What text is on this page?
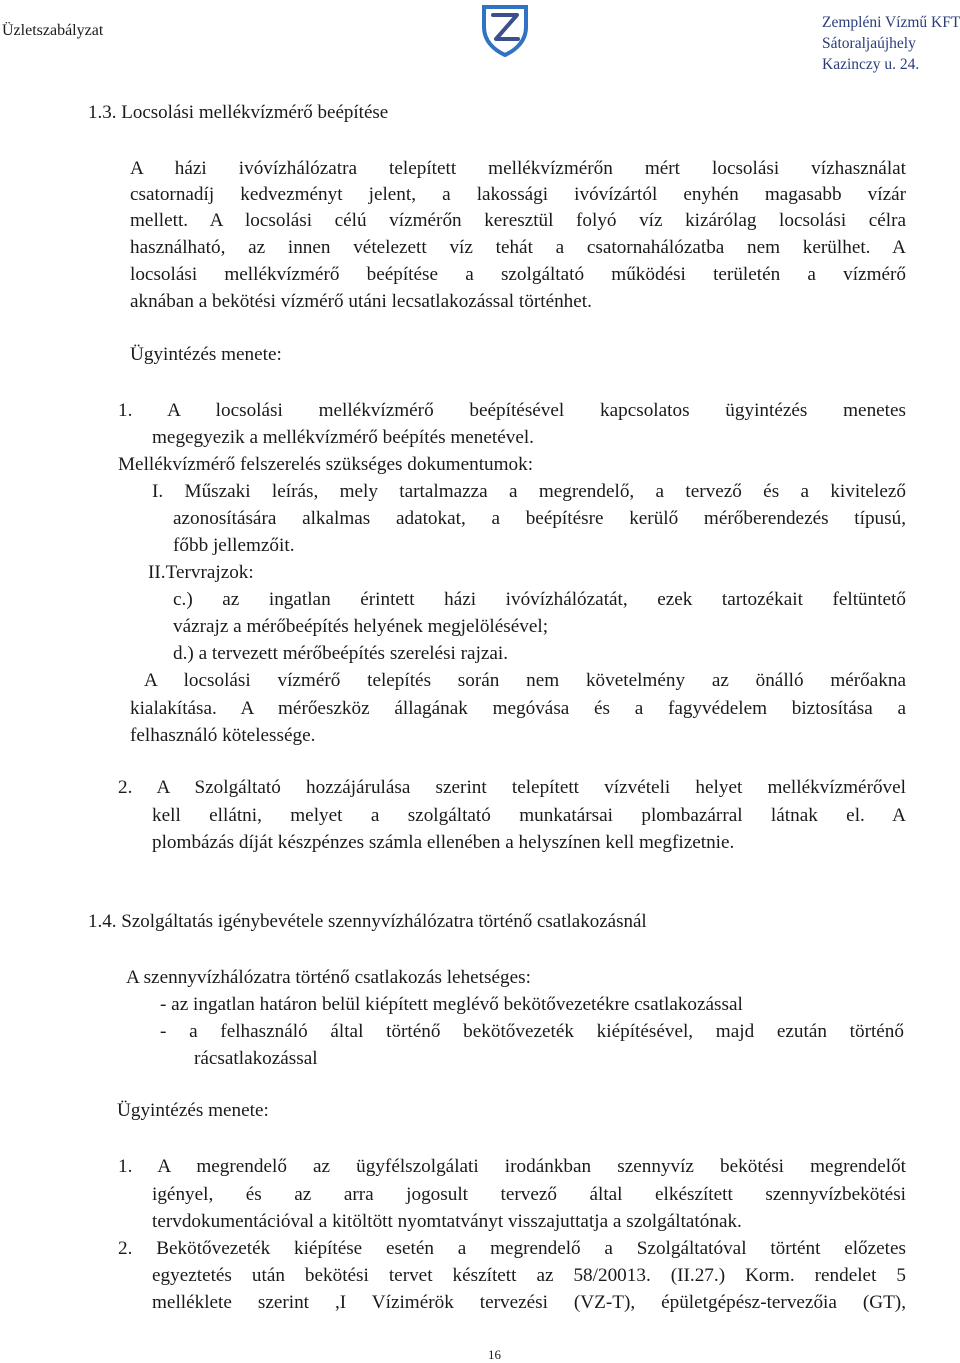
Üzletszabályzat	Zempléni Vízmű KFT
Sátoraljaújhely
Kazinczy u. 24.
1.3. Locsolási mellékvízmérő beépítése
A házi ivóvízhálózatra telepített mellékvízmérőn mért locsolási vízhasználat
csatornadíj kedvezményt jelent, a lakossági ivóvízártól enyhén magasabb vízár
mellett. A locsolási célú vízmérőn keresztül folyó víz kizárólag locsolási célra
használható, az innen vételezett víz tehát a csatornahálózatba nem kerülhet. A
locsolási mellékvízmérő beépítése a szolgáltató működési területén a vízmérő
aknában a bekötési vízmérő utáni lecsatlakozással történhet.
Ügyintézés menete:
1. A locsolási mellékvízmérő beépítésével kapcsolatos ügyintézés menetes
megegyezik a mellékvízmérő beépítés menetével.
Mellékvízmérő felszerelés szükséges dokumentumok:
I. Műszaki leírás, mely tartalmazza a megrendelő, a tervező és a kivitelező
azonosítására alkalmas adatokat, a beépítésre kerülő mérőberendezés típusú,
főbb jellemzőit.
II.Tervrajzok:
c.) az ingatlan érintett házi ivóvízhálózatát, ezek tartozékait feltüntető
vázrajz a mérőbeépítés helyének megjelölésével;
d.) a tervezett mérőbeépítés szerelési rajzai.
A locsolási vízmérő telepítés során nem követelmény az önálló mérőakna
kialakítása. A mérőeszköz állagának megóvása és a fagyvédelem biztosítása a
felhasználó kötelessége.
2. A Szolgáltató hozzájárulása szerint telepített vízvételi helyet mellékvízmérővel
kell ellátni, melyet a szolgáltató munkatársai plombazárral látnak el. A
plombázás díját készpénzes számla ellenében a helyszínen kell megfizetnie.
1.4. Szolgáltatás igénybevétele szennyvízhálózatra történő csatlakozásnál
A szennyvízhálózatra történő csatlakozás lehetséges:
- az ingatlan határon belül kiépített meglévő bekötővezetékre csatlakozással
- a felhasználó által történő bekötővezeték kiépítésével, majd ezután történő
rácsatlakozással
Ügyintézés menete:
1. A megrendelő az ügyfélszolgálati irodánkban szennyvíz bekötési megrendelőt
igényel, és az arra jogosult tervező által elkészített szennyvízbekötési
tervdokumentációval a kitöltött nyomtatványt visszajuttatja a szolgáltatónak.
2. Bekötővezeték kiépítése esetén a megrendelő a Szolgáltatóval történt előzetes
egyeztetés után bekötési tervet készített az 58/20013. (II.27.) Korm. rendelet 5
melléklete szerint ,I Vízimérök tervezési (VZ-T), épületgépész-tervezőia (GT),
16
